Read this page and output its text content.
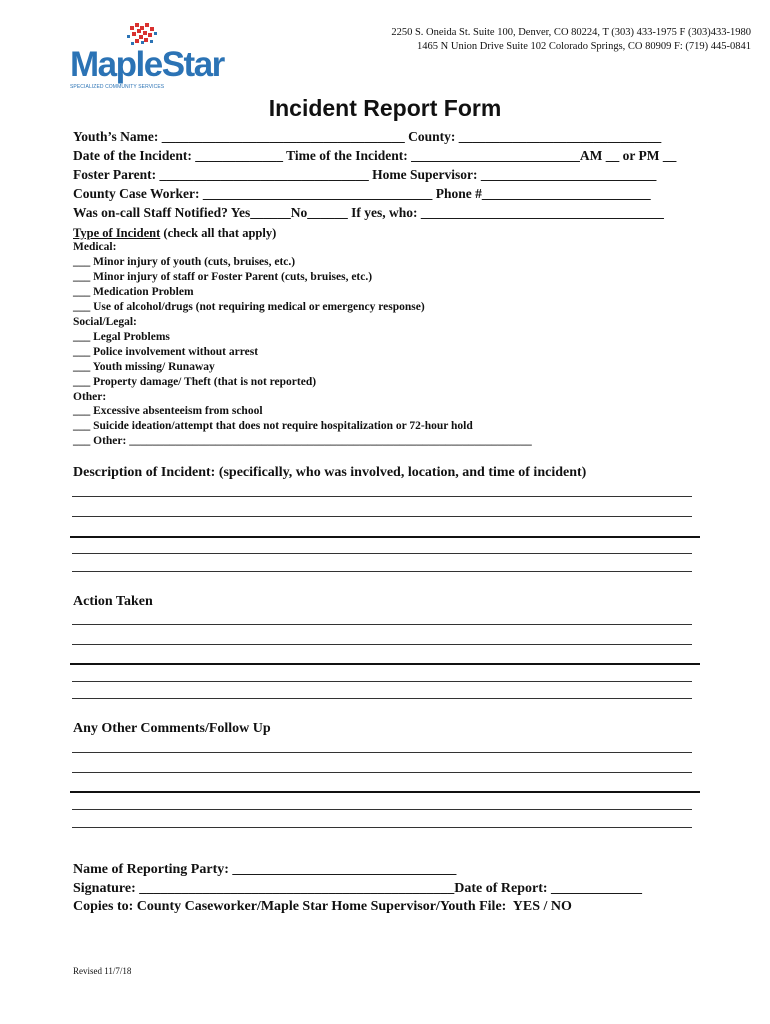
2250 S. Oneida St. Suite 100, Denver, CO 80224, T (303) 433-1975 F (303)433-1980
1465 N Union Drive Suite 102 Colorado Springs, CO 80909 F: (719) 445-0841

MapleStar

SPECIALIZED COMMUNITY SERVICES

Incident Report Form
Youth’s Name: ____________________________________ County: ______________________________
Date of the Incident: _____________ Time of the Incident: _________________________AM __ or PM __
Foster Parent: _______________________________ Home Supervisor: __________________________
County Case Worker: __________________________________ Phone #_________________________
Was on-call Staff Notified? Yes______No______ If yes, who: ____________________________________
Type of Incident (check all that apply)
Medical:
___ Minor injury of youth (cuts, bruises, etc.)
___ Minor injury of staff or Foster Parent (cuts, bruises, etc.)
___ Medication Problem
___ Use of alcohol/drugs (not requiring medical or emergency response)
Social/Legal:
___ Legal Problems
___ Police involvement without arrest
___ Youth missing/ Runaway
___ Property damage/ Theft (that is not reported)
Other:
___ Excessive absenteeism from school
___ Suicide ideation/attempt that does not require hospitalization or 72-hour hold
___ Other: ______________________________________________________________________
Description of Incident: (specifically, who was involved, location, and time of incident)
Action Taken
Any Other Comments/Follow Up
Name of Reporting Party: ________________________________
Signature: _____________________________________________Date of Report: _____________
Copies to: County Caseworker/Maple Star Home Supervisor/Youth File:  YES / NO
Revised 11/7/18
